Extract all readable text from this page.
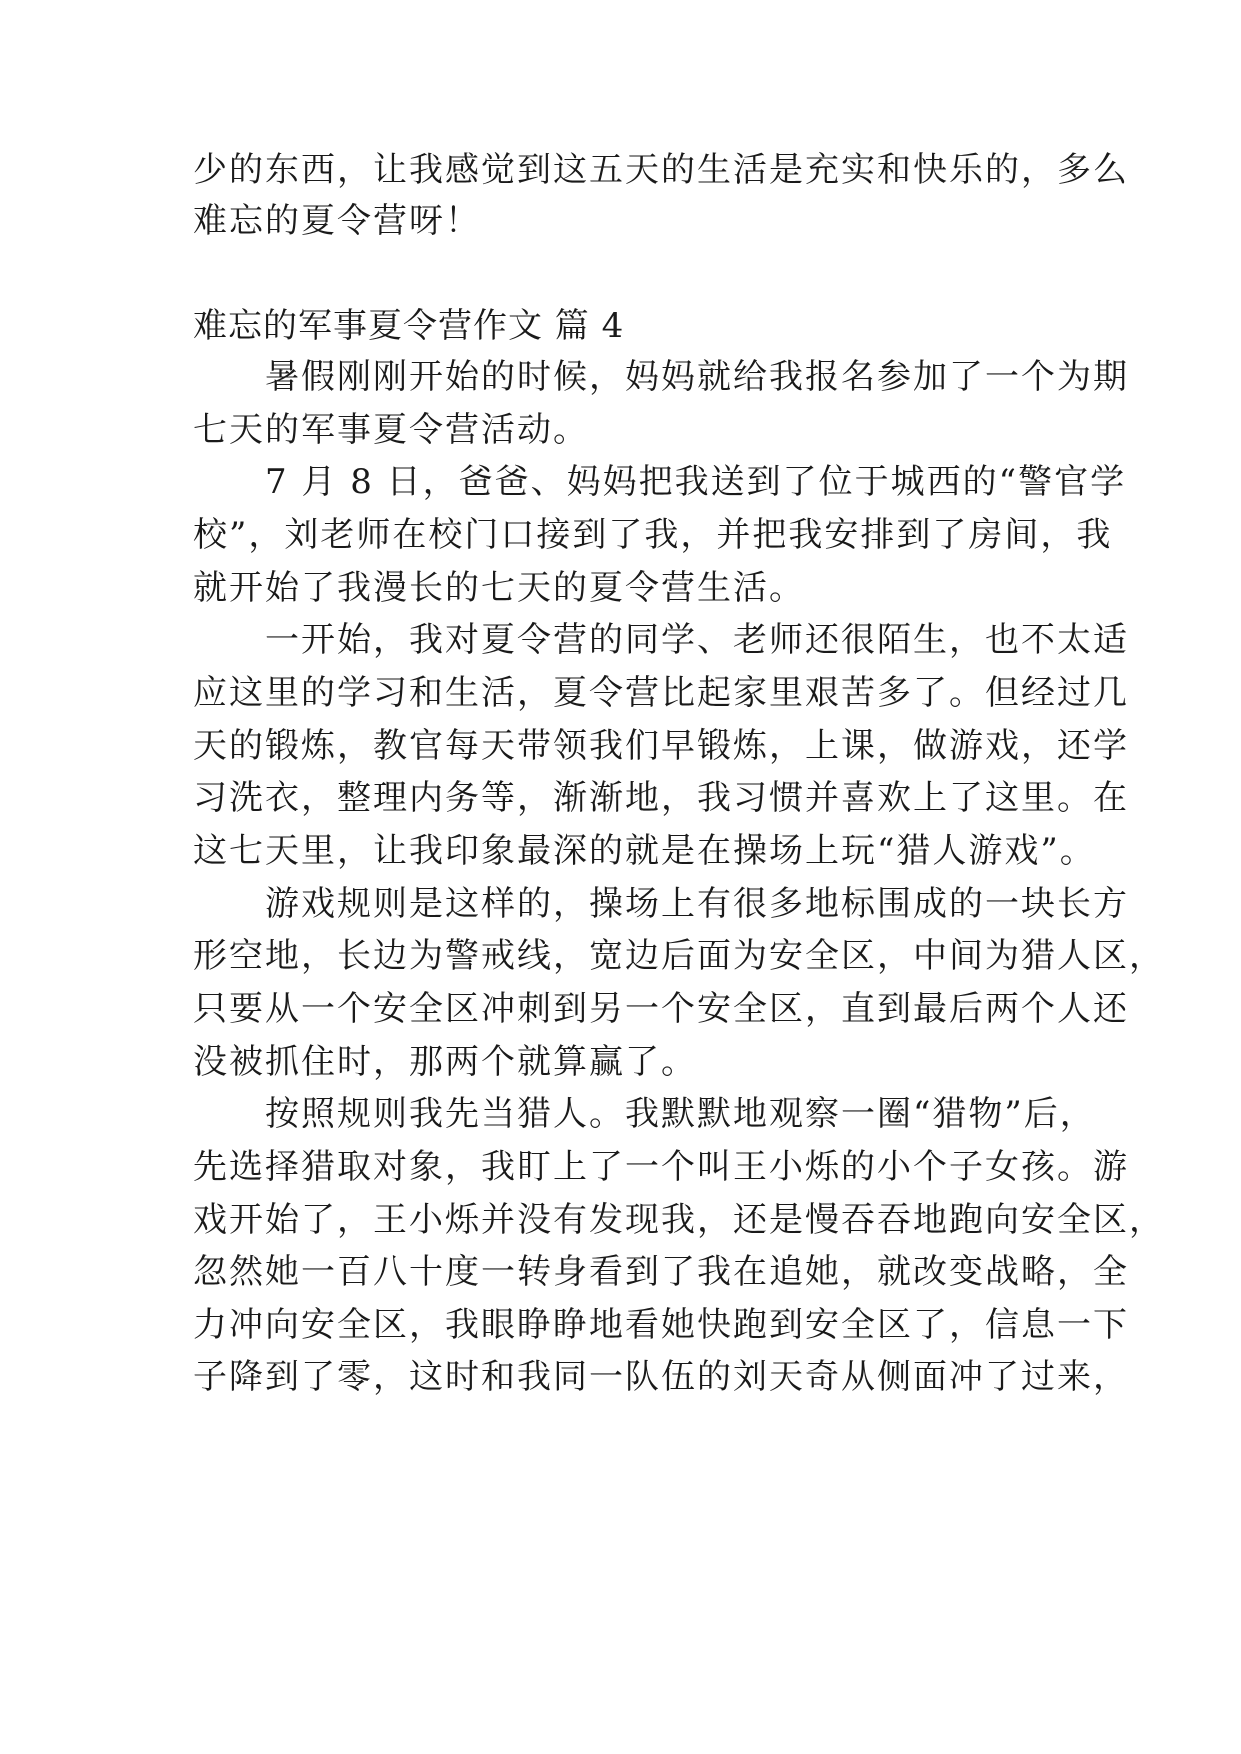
少的东西，让我感觉到这五天的生活是充实和快乐的，多么
难忘的夏令营呀！
难忘的军事夏令营作文 篇 4
　　暑假刚刚开始的时候，妈妈就给我报名参加了一个为期
七天的军事夏令营活动。
　　7 月 8 日，爸爸、妈妈把我送到了位于城西的“警官学
校”，刘老师在校门口接到了我，并把我安排到了房间，我
就开始了我漫长的七天的夏令营生活。
　　一开始，我对夏令营的同学、老师还很陌生，也不太适
应这里的学习和生活，夏令营比起家里艰苦多了。但经过几
天的锻炼，教官每天带领我们早锻炼，上课，做游戏，还学
习洗衣，整理内务等，渐渐地，我习惯并喜欢上了这里。在
这七天里，让我印象最深的就是在操场上玩“猎人游戏”。
　　游戏规则是这样的，操场上有很多地标围成的一块长方
形空地，长边为警戒线，宽边后面为安全区，中间为猎人区，
只要从一个安全区冲刺到另一个安全区，直到最后两个人还
没被抓住时，那两个就算赢了。
　　按照规则我先当猎人。我默默地观察一圈“猎物”后，
先选择猎取对象，我盯上了一个叫王小烁的小个子女孩。游
戏开始了，王小烁并没有发现我，还是慢吞吞地跑向安全区，
忽然她一百八十度一转身看到了我在追她，就改变战略，全
力冲向安全区，我眼睁睁地看她快跑到安全区了，信息一下
子降到了零，这时和我同一队伍的刘天奇从侧面冲了过来，
